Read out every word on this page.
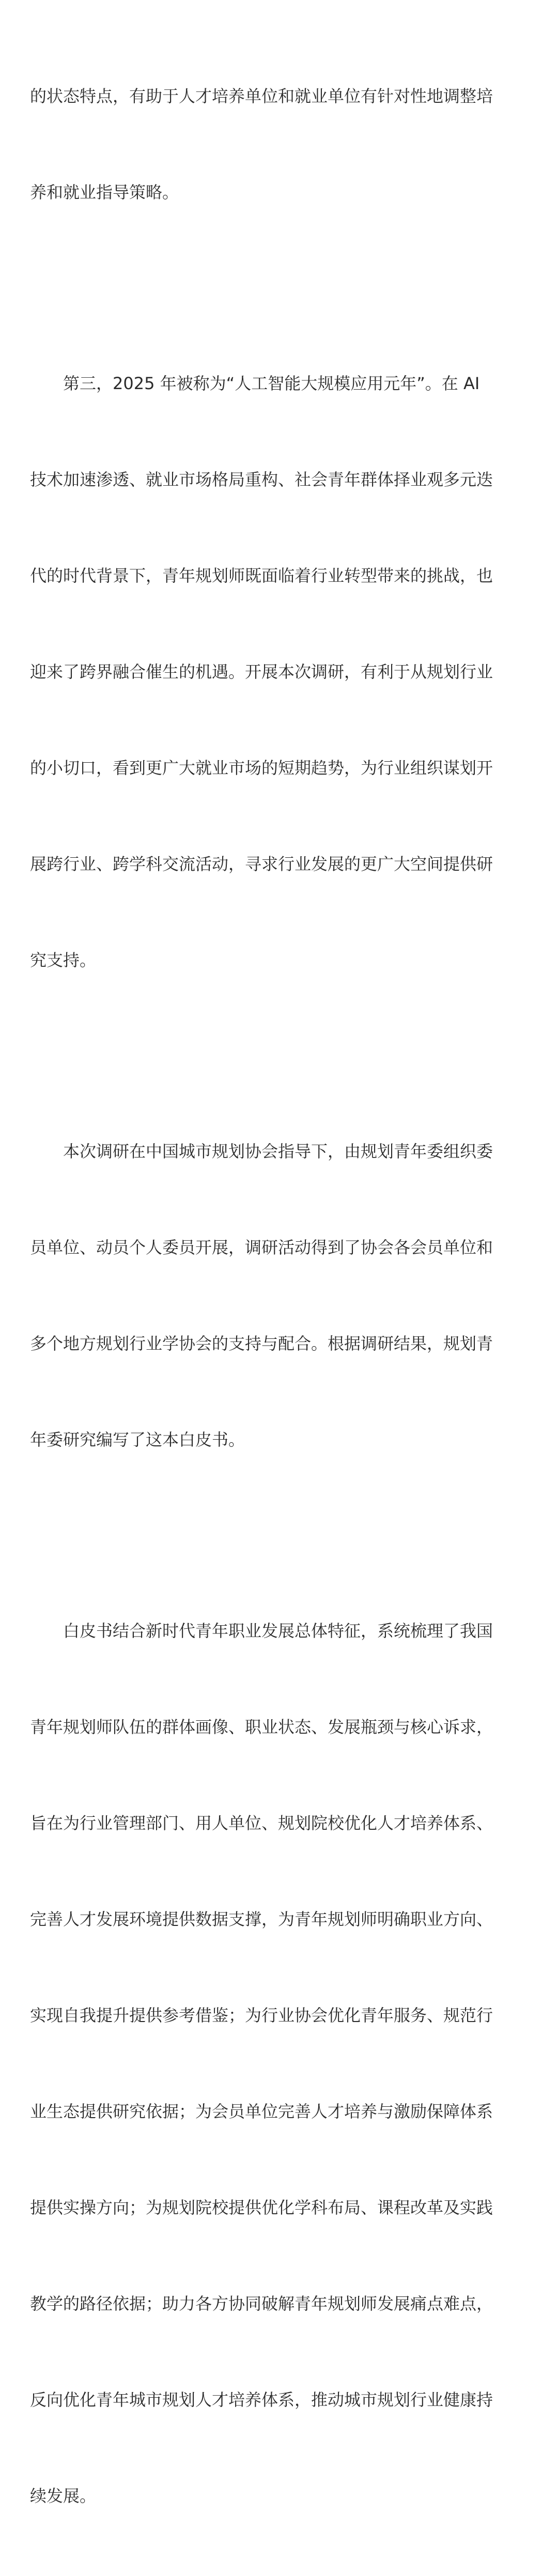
的状态特点，有助于人才培养单位和就业单位有针对性地调整培

养和就业指导策略。

第三，2025 年被称为“人工智能大规模应用元年”。在 AI

技术加速渗透、就业市场格局重构、社会青年群体择业观多元迭

代的时代背景下，青年规划师既面临着行业转型带来的挑战，也

迎来了跨界融合催生的机遇。开展本次调研，有利于从规划行业

的小切口，看到更广大就业市场的短期趋势，为行业组织谋划开

展跨行业、跨学科交流活动，寻求行业发展的更广大空间提供研

究支持。

本次调研在中国城市规划协会指导下，由规划青年委组织委

员单位、动员个人委员开展，调研活动得到了协会各会员单位和

多个地方规划行业学协会的支持与配合。根据调研结果，规划青

年委研究编写了这本白皮书。

白皮书结合新时代青年职业发展总体特征，系统梳理了我国

青年规划师队伍的群体画像、职业状态、发展瓶颈与核心诉求，

旨在为行业管理部门、用人单位、规划院校优化人才培养体系、

完善人才发展环境提供数据支撑，为青年规划师明确职业方向、

实现自我提升提供参考借鉴；为行业协会优化青年服务、规范行

业生态提供研究依据；为会员单位完善人才培养与激励保障体系

提供实操方向；为规划院校提供优化学科布局、课程改革及实践

教学的路径依据；助力各方协同破解青年规划师发展痛点难点，

反向优化青年城市规划人才培养体系，推动城市规划行业健康持

续发展。
